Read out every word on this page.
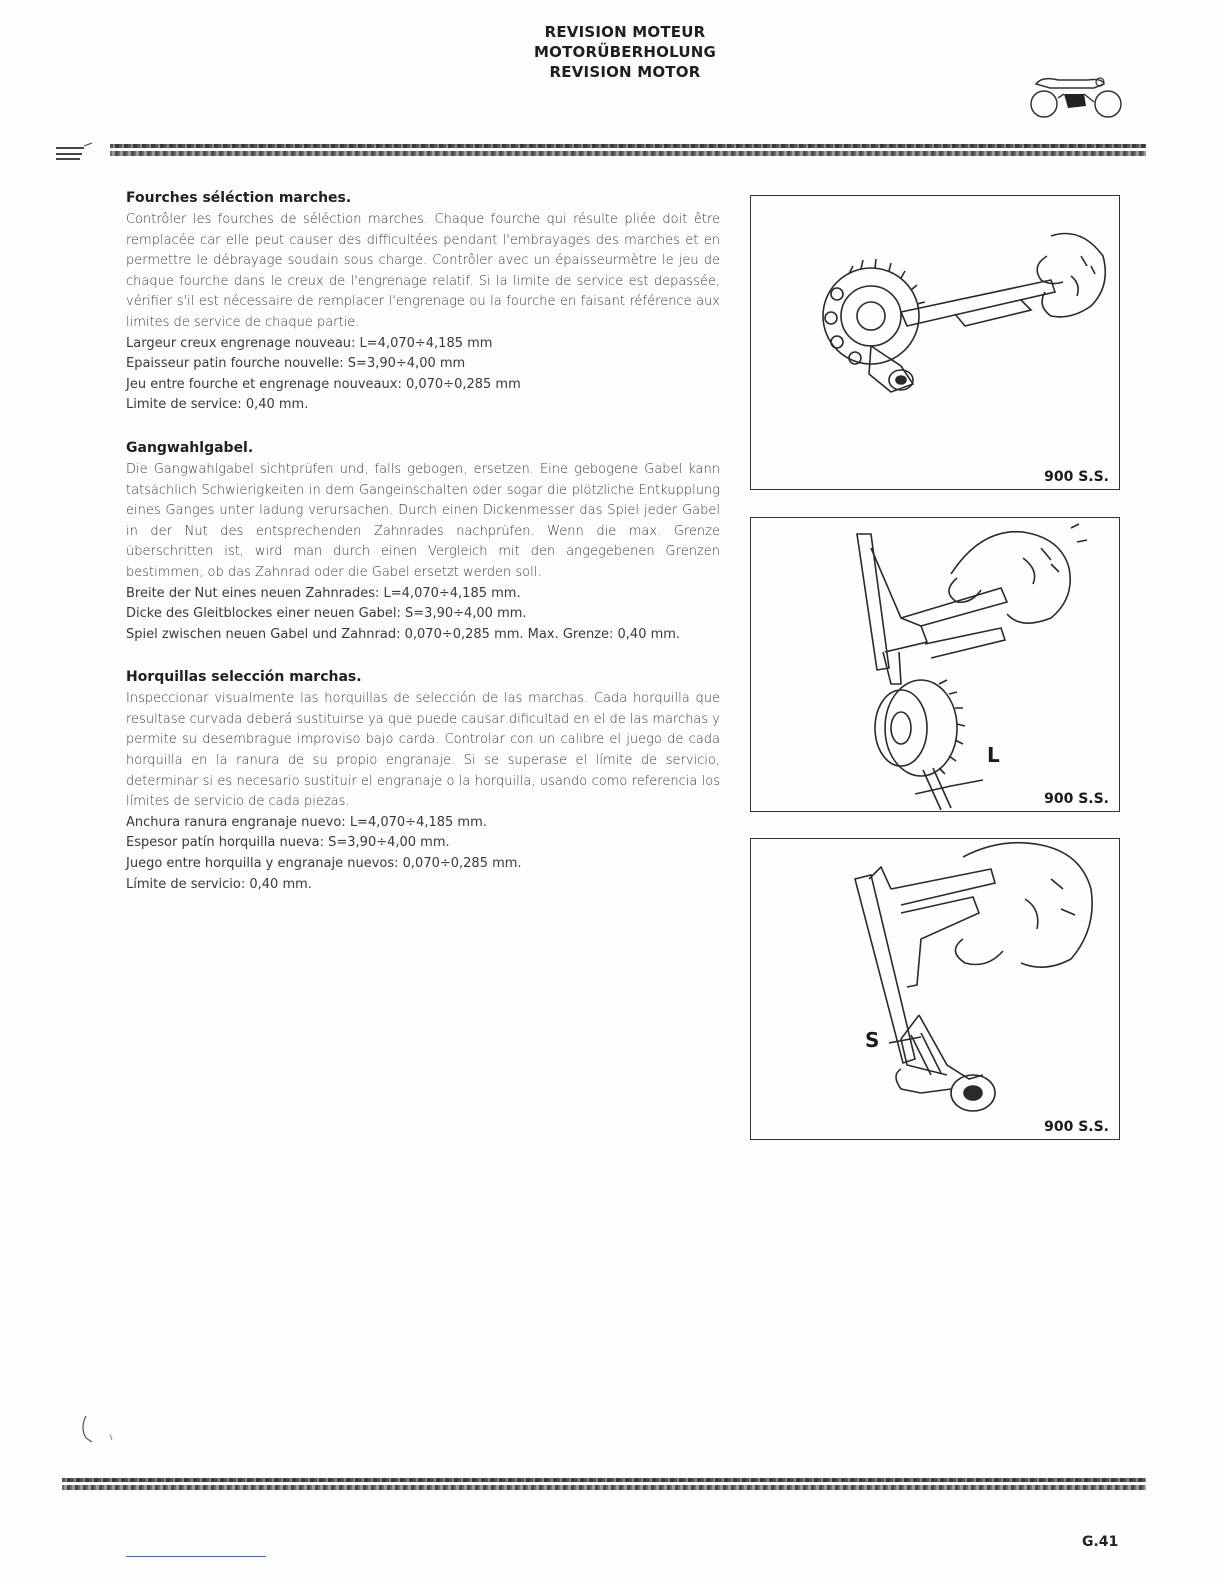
REVISION MOTEUR
MOTORÜBERHOLUNG
REVISION MOTOR
Fourches séléction marches.

Contrôler les fourches de séléction marches. Chaque fourche qui résulte pliée doit être remplacée car elle peut causer des difficultées pendant l'embrayages des marches et en permettre le débrayage soudain sous charge. Contrôler avec un épaisseurmètre le jeu de chaque fourche dans le creux de l'engrenage relatif. Si la limite de service est depassée, vérifier s'il est nécessaire de remplacer l'engrenage ou la fourche en faisant référence aux limites de service de chaque partie.

Largeur creux engrenage nouveau: L=4,070÷4,185 mm
Epaisseur patin fourche nouvelle: S=3,90÷4,00 mm
Jeu entre fourche et engrenage nouveaux: 0,070÷0,285 mm
Limite de service: 0,40 mm.
Gangwahlgabel.

Die Gangwahlgabel sichtprüfen und, falls gebogen, ersetzen. Eine gebogene Gabel kann tatsächlich Schwierigkeiten in dem Gangeinschalten oder sogar die plötzliche Entkupplung eines Ganges unter ladung verursachen. Durch einen Dickenmesser das Spiel jeder Gabel in der Nut des entsprechenden Zahnrades nachprüfen. Wenn die max. Grenze überschritten ist, wird man durch einen Vergleich mit den angegebenen Grenzen bestimmen, ob das Zahnrad oder die Gabel ersetzt werden soll.

Breite der Nut eines neuen Zahnrades: L=4,070÷4,185 mm.
Dicke des Gleitblockes einer neuen Gabel: S=3,90÷4,00 mm.
Spiel zwischen neuen Gabel und Zahnrad: 0,070÷0,285 mm. Max. Grenze: 0,40 mm.
Horquillas selección marchas.

Inspeccionar visualmente las horquillas de selección de las marchas. Cada horquilla que resultase curvada deberá sustituirse ya que puede causar dificultad en el de las marchas y permite su desembrague improviso bajo carda. Controlar con un calibre el juego de cada horquilla en la ranura de su propio engranaje. Si se superase el límite de servicio, determinar si es necesario sustituir el engranaje o la horquilla, usando como referencia los límites de servicio de cada piezas.

Anchura ranura engranaje nuevo: L=4,070÷4,185 mm.
Espesor patín horquilla nueva: S=3,90÷4,00 mm.
Juego entre horquilla y engranaje nuevos: 0,070÷0,285 mm.
Límite de servicio: 0,40 mm.
900 S.S.
L
900 S.S.
S
900 S.S.
G.41
